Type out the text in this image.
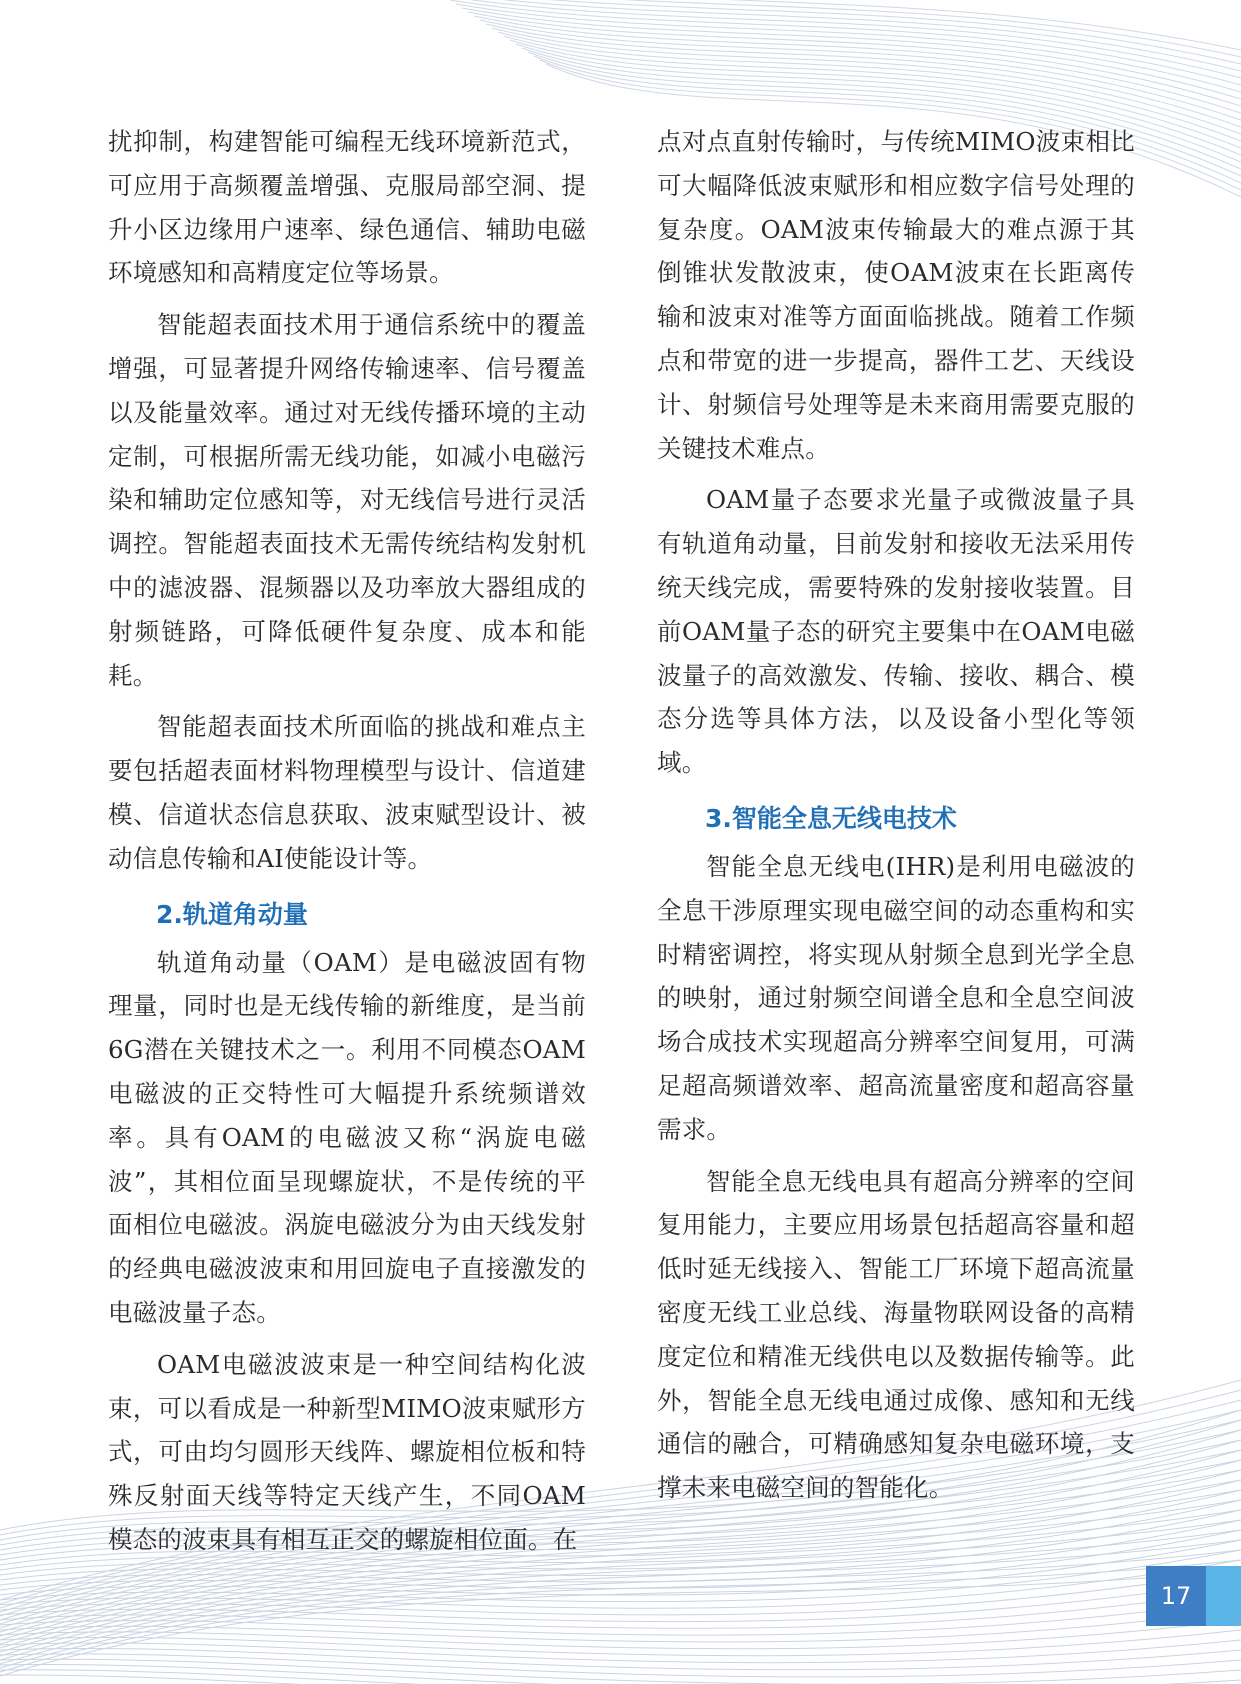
扰抑制，构建智能可编程无线环境新范式，可应用于高频覆盖增强、克服局部空洞、提升小区边缘用户速率、绿色通信、辅助电磁环境感知和高精度定位等场景。

智能超表面技术用于通信系统中的覆盖增强，可显著提升网络传输速率、信号覆盖以及能量效率。通过对无线传播环境的主动定制，可根据所需无线功能，如减小电磁污染和辅助定位感知等，对无线信号进行灵活调控。智能超表面技术无需传统结构发射机中的滤波器、混频器以及功率放大器组成的射频链路，可降低硬件复杂度、成本和能耗。

智能超表面技术所面临的挑战和难点主要包括超表面材料物理模型与设计、信道建模、信道状态信息获取、波束赋型设计、被动信息传输和AI使能设计等。

2.轨道角动量

轨道角动量（OAM）是电磁波固有物理量，同时也是无线传输的新维度，是当前6G潜在关键技术之一。利用不同模态OAM电磁波的正交特性可大幅提升系统频谱效率。具有OAM的电磁波又称“涡旋电磁波”，其相位面呈现螺旋状，不是传统的平面相位电磁波。涡旋电磁波分为由天线发射的经典电磁波波束和用回旋电子直接激发的电磁波量子态。

OAM电磁波波束是一种空间结构化波束，可以看成是一种新型MIMO波束赋形方式，可由均匀圆形天线阵、螺旋相位板和特殊反射面天线等特定天线产生，不同OAM模态的波束具有相互正交的螺旋相位面。在

点对点直射传输时，与传统MIMO波束相比可大幅降低波束赋形和相应数字信号处理的复杂度。OAM波束传输最大的难点源于其倒锥状发散波束，使OAM波束在长距离传输和波束对准等方面面临挑战。随着工作频点和带宽的进一步提高，器件工艺、天线设计、射频信号处理等是未来商用需要克服的关键技术难点。

OAM量子态要求光量子或微波量子具有轨道角动量，目前发射和接收无法采用传统天线完成，需要特殊的发射接收装置。目前OAM量子态的研究主要集中在OAM电磁波量子的高效激发、传输、接收、耦合、模态分选等具体方法，以及设备小型化等领域。

3.智能全息无线电技术

智能全息无线电(IHR)是利用电磁波的全息干涉原理实现电磁空间的动态重构和实时精密调控，将实现从射频全息到光学全息的映射，通过射频空间谱全息和全息空间波场合成技术实现超高分辨率空间复用，可满足超高频谱效率、超高流量密度和超高容量需求。

智能全息无线电具有超高分辨率的空间复用能力，主要应用场景包括超高容量和超低时延无线接入、智能工厂环境下超高流量密度无线工业总线、海量物联网设备的高精度定位和精准无线供电以及数据传输等。此外，智能全息无线电通过成像、感知和无线通信的融合，可精确感知复杂电磁环境，支撑未来电磁空间的智能化。

17
